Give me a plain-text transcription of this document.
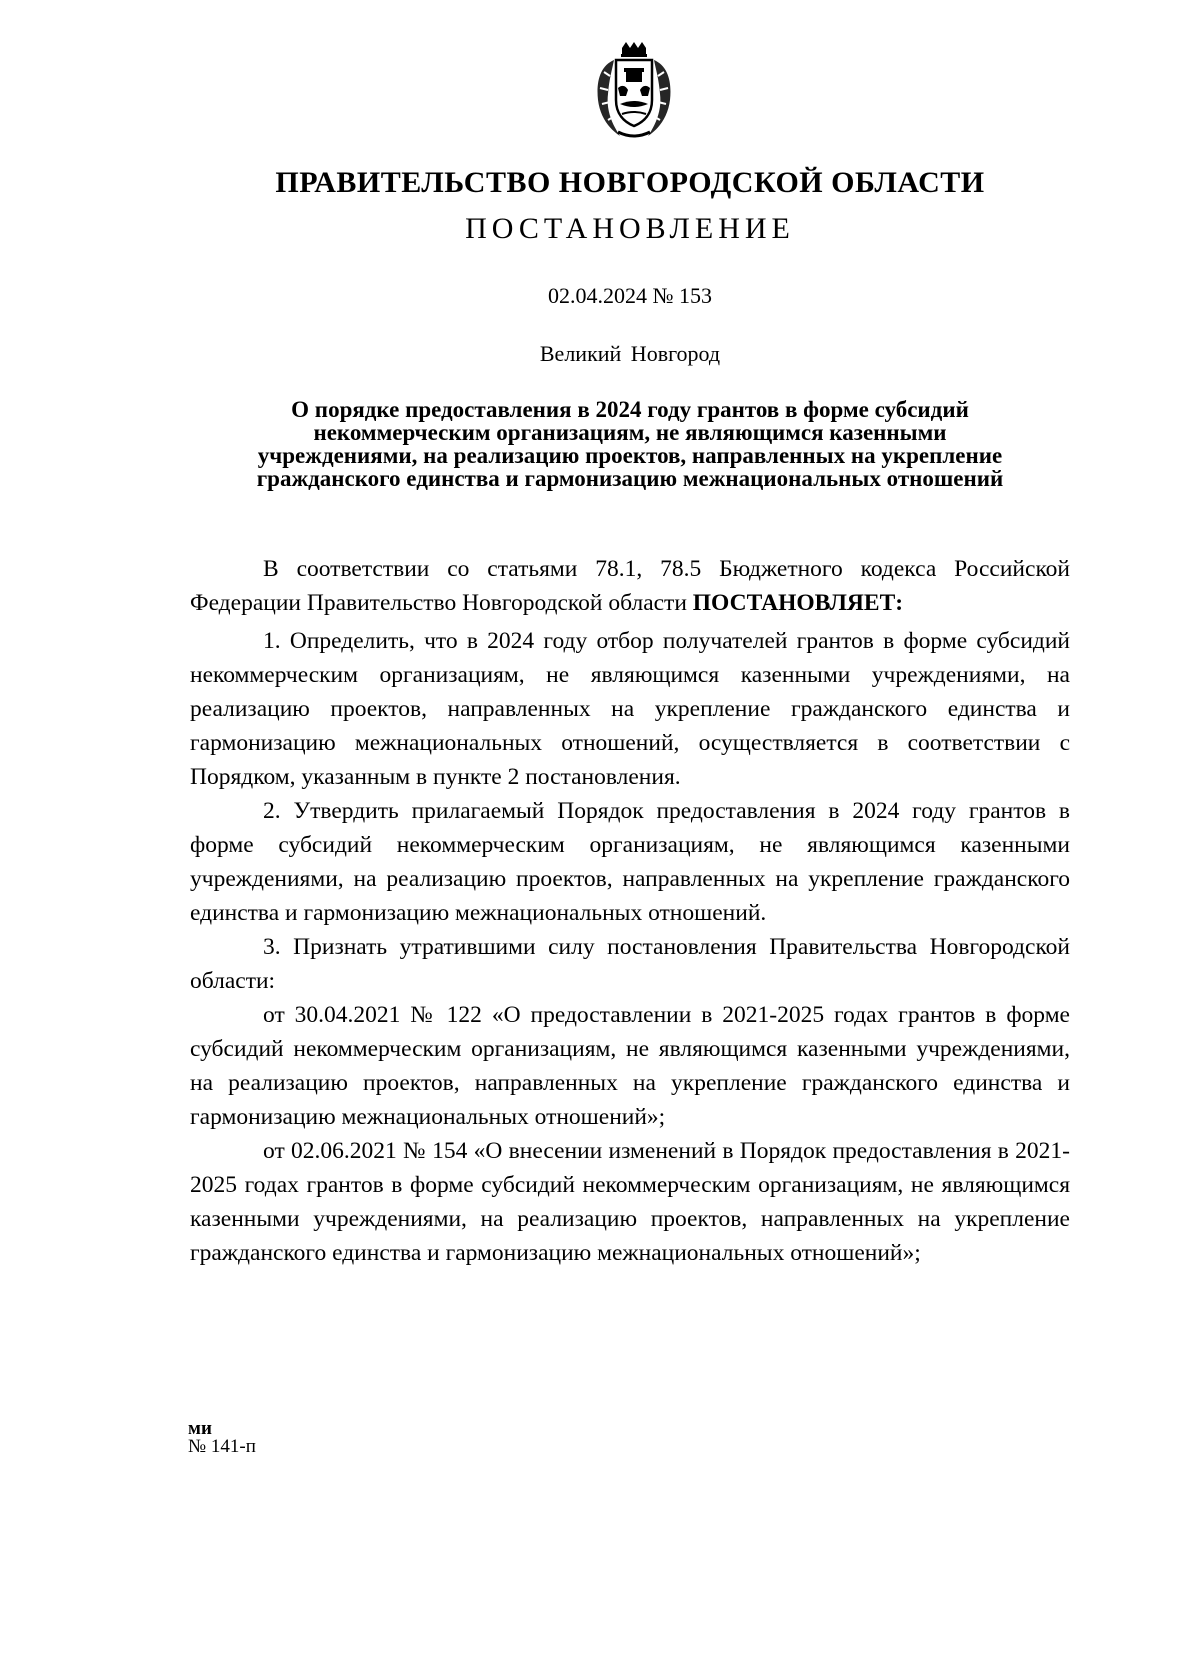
ПРАВИТЕЛЬСТВО НОВГОРОДСКОЙ ОБЛАСТИ
ПОСТАНОВЛЕНИЕ
02.04.2024 № 153
Великий Новгород
О порядке предоставления в 2024 году грантов в форме субсидий
некоммерческим организациям, не являющимся казенными
учреждениями, на реализацию проектов, направленных на укрепление
гражданского единства и гармонизацию межнациональных отношений

В соответствии со статьями 78.1, 78.5 Бюджетного кодекса Российской Федерации Правительство Новгородской области ПОСТАНОВЛЯЕТ:

1. Определить, что в 2024 году отбор получателей грантов в форме субсидий некоммерческим организациям, не являющимся казенными учреждениями, на реализацию проектов, направленных на укрепление гражданского единства и гармонизацию межнациональных отношений, осуществляется в соответствии с Порядком, указанным в пункте 2 постановления.

2. Утвердить прилагаемый Порядок предоставления в 2024 году грантов в форме субсидий некоммерческим организациям, не являющимся казенными учреждениями, на реализацию проектов, направленных на укрепление гражданского единства и гармонизацию межнациональных отношений.

3. Признать утратившими силу постановления Правительства Новгородской области:

от 30.04.2021 № 122 «О предоставлении в 2021-2025 годах грантов в форме субсидий некоммерческим организациям, не являющимся казенными учреждениями, на реализацию проектов, направленных на укрепление гражданского единства и гармонизацию межнациональных отношений»;

от 02.06.2021 № 154 «О внесении изменений в Порядок предоставления в 2021-2025 годах грантов в форме субсидий некоммерческим организациям, не являющимся казенными учреждениями, на реализацию проектов, направленных на укрепление гражданского единства и гармонизацию межнациональных отношений»;

ми
№ 141-п
